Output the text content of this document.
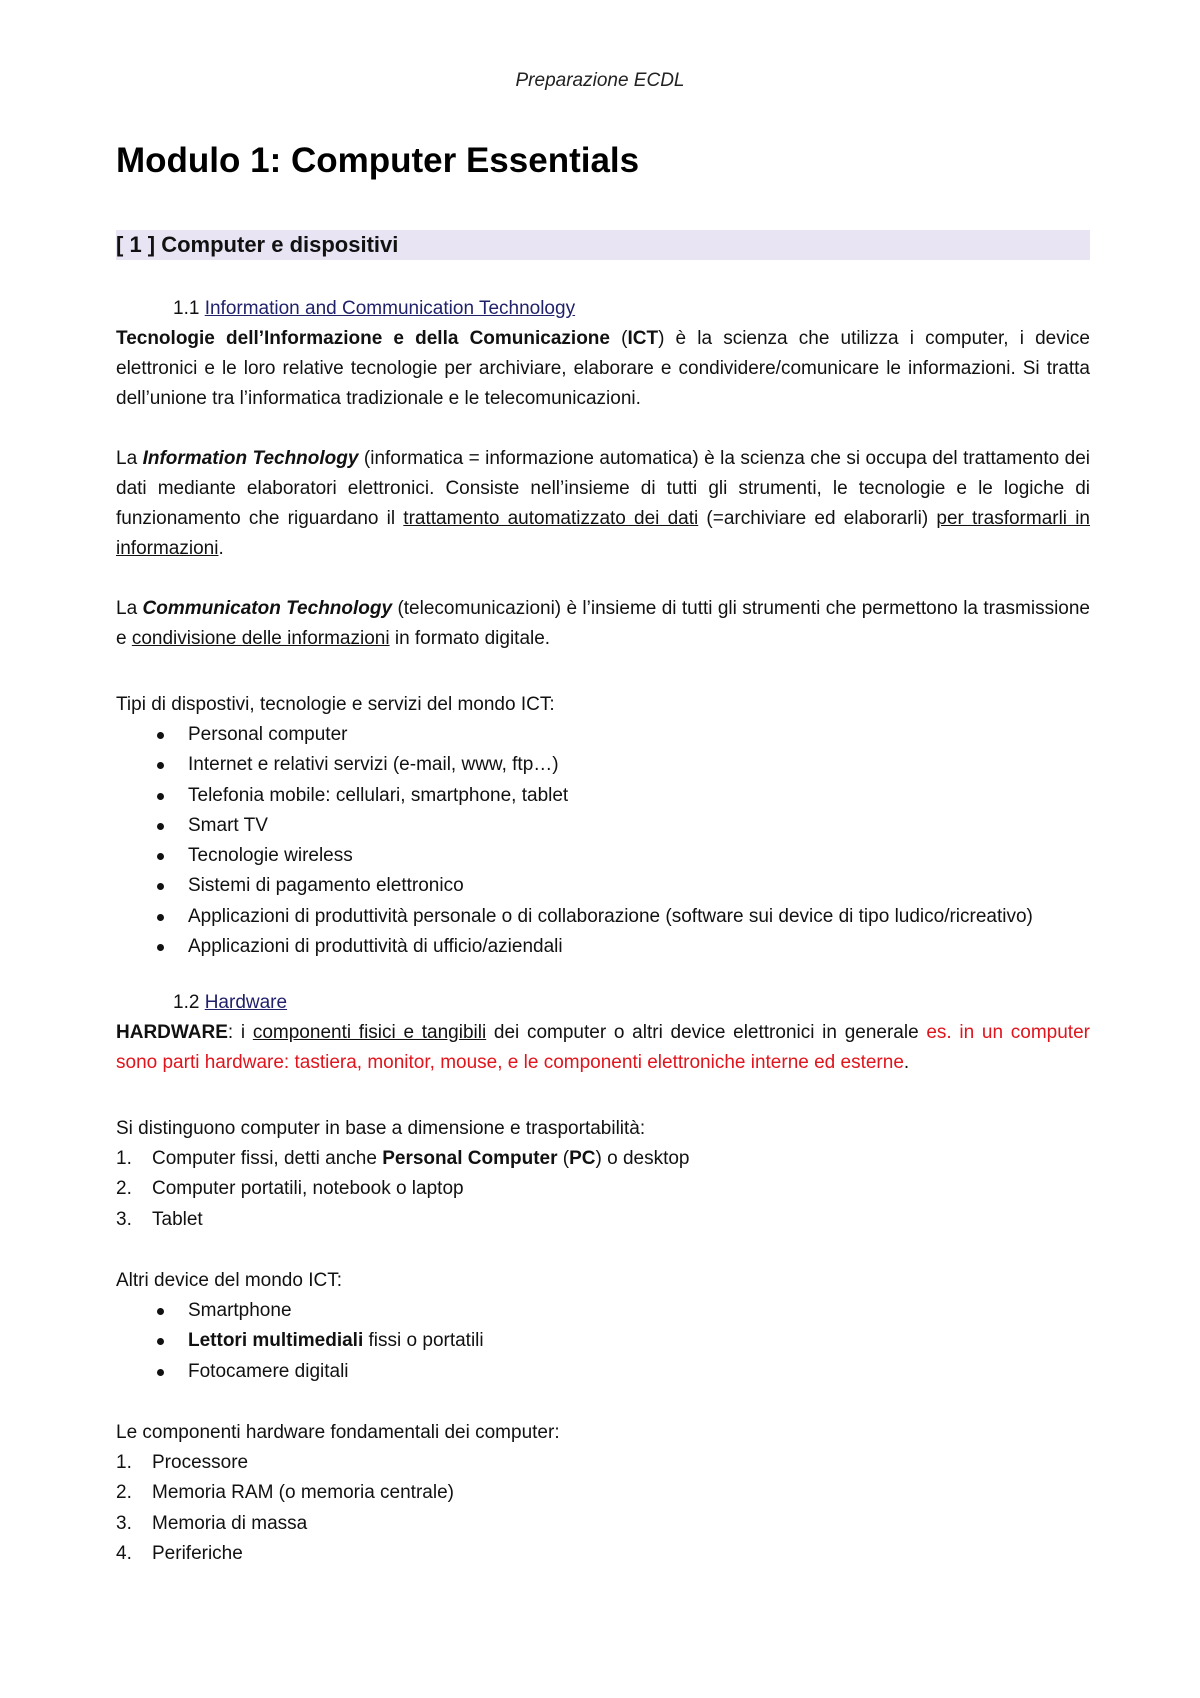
Preparazione ECDL
Modulo 1: Computer Essentials
[ 1 ] Computer e dispositivi
1.1 Information and Communication Technology

Tecnologie dell’Informazione e della Comunicazione (ICT) è la scienza che utilizza i computer, i device elettronici e le loro relative tecnologie per archiviare, elaborare e condividere/comunicare le informazioni. Si tratta dell’unione tra l’informatica tradizionale e le telecomunicazioni.

La Information Technology (informatica = informazione automatica) è la scienza che si occupa del trattamento dei dati mediante elaboratori elettronici. Consiste nell’insieme di tutti gli strumenti, le tecnologie e le logiche di funzionamento che riguardano il trattamento automatizzato dei dati (=archiviare ed elaborarli) per trasformarli in informazioni.

La Communicaton Technology (telecomunicazioni) è l’insieme di tutti gli strumenti che permettono la trasmissione e condivisione delle informazioni in formato digitale.

Tipi di dispostivi, tecnologie e servizi del mondo ICT:

Personal computer
Internet e relativi servizi (e-mail, www, ftp…)
Telefonia mobile: cellulari, smartphone, tablet
Smart TV
Tecnologie wireless
Sistemi di pagamento elettronico
Applicazioni di produttività personale o di collaborazione (software sui device di tipo ludico/ricreativo)
Applicazioni di produttività di ufficio/aziendali
1.2 Hardware

HARDWARE: i componenti fisici e tangibili dei computer o altri device elettronici in generale es. in un computer sono parti hardware: tastiera, monitor, mouse, e le componenti elettroniche interne ed esterne.

Si distinguono computer in base a dimensione e trasportabilità:

1. Computer fissi, detti anche Personal Computer (PC) o desktop
2. Computer portatili, notebook o laptop
3. Tablet

Altri device del mondo ICT:

Smartphone
Lettori multimediali fissi o portatili
Fotocamere digitali

Le componenti hardware fondamentali dei computer:

1. Processore
2. Memoria RAM (o memoria centrale)
3. Memoria di massa
4. Periferiche
